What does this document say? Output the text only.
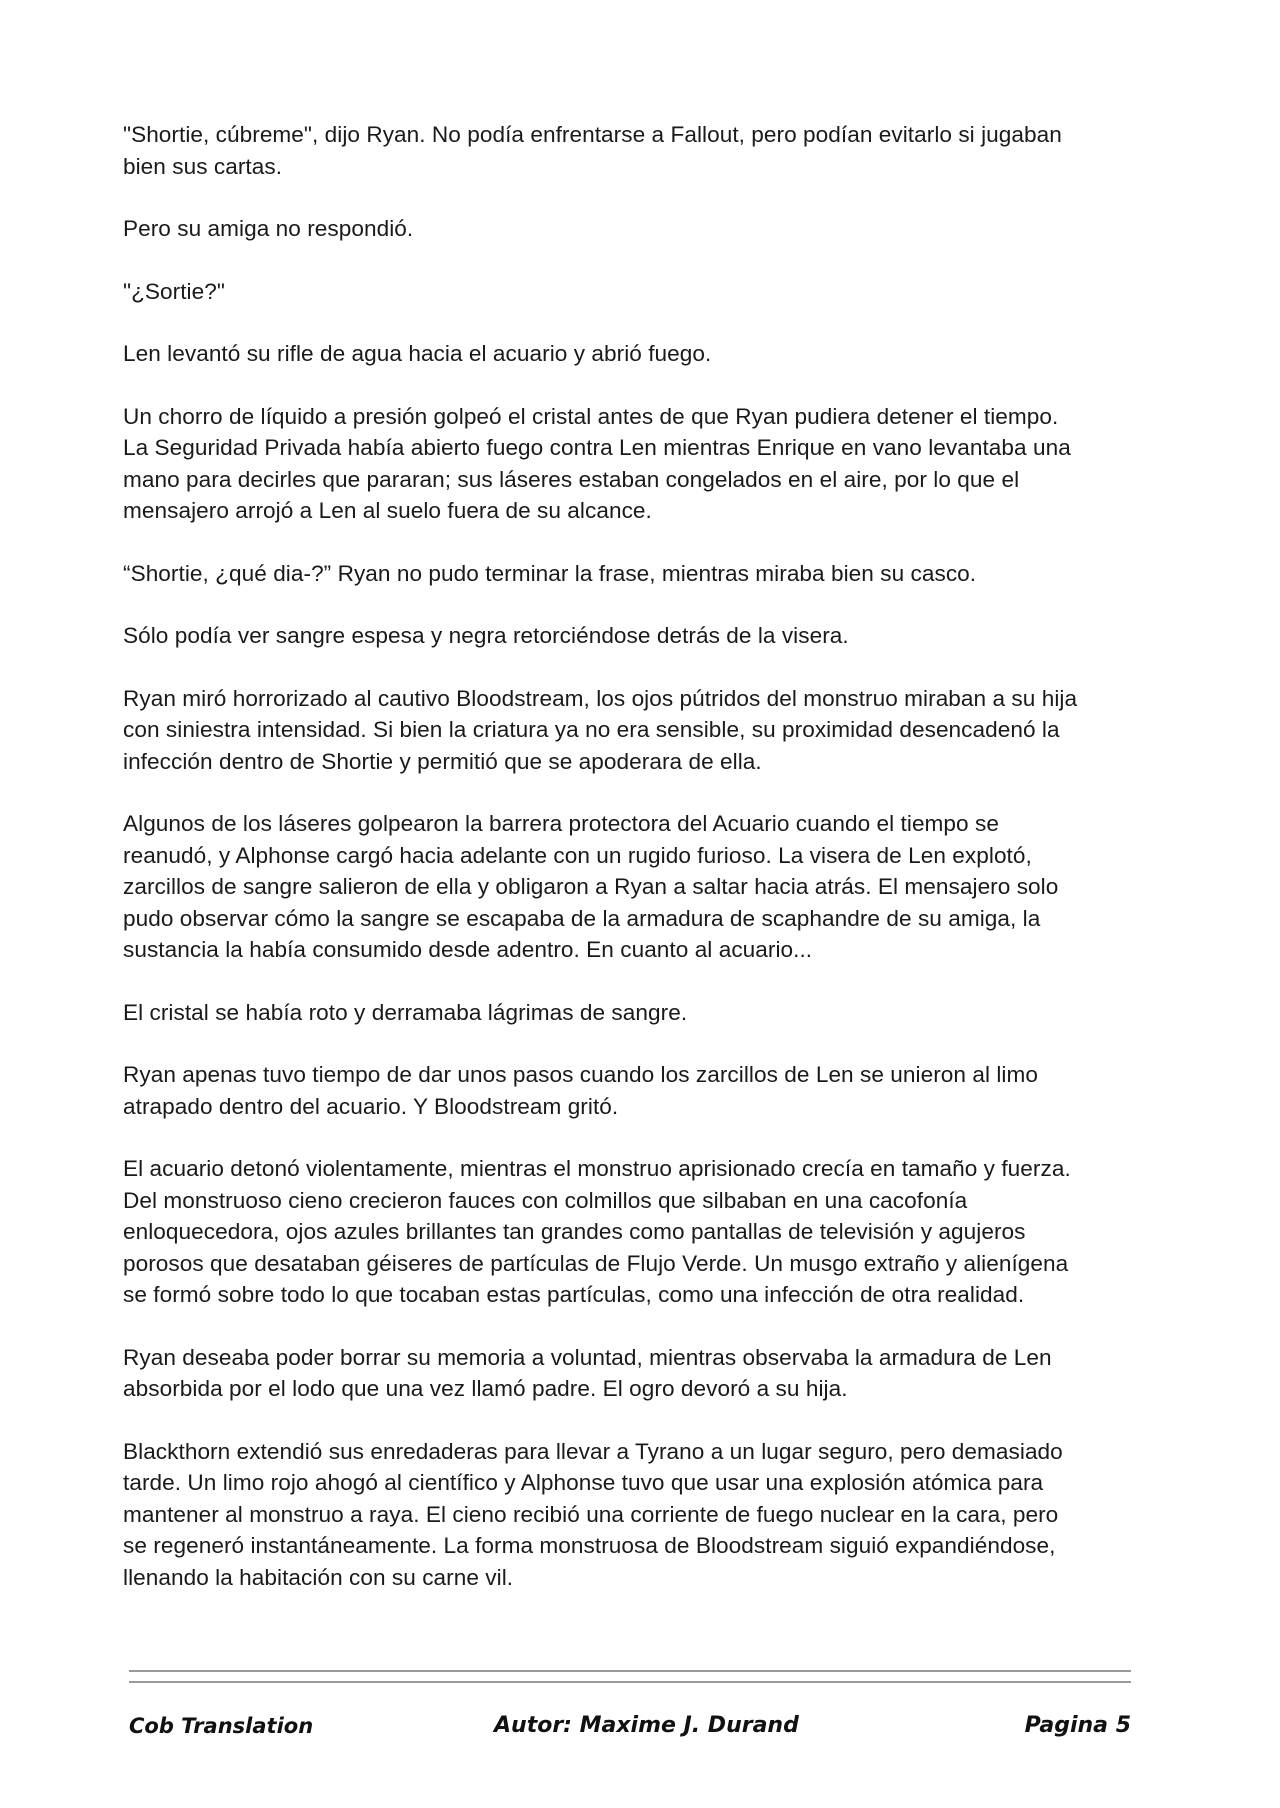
"Shortie, cúbreme", dijo Ryan. No podía enfrentarse a Fallout, pero podían evitarlo si jugaban
bien sus cartas.

Pero su amiga no respondió.

"¿Sortie?"

Len levantó su rifle de agua hacia el acuario y abrió fuego.

Un chorro de líquido a presión golpeó el cristal antes de que Ryan pudiera detener el tiempo.
La Seguridad Privada había abierto fuego contra Len mientras Enrique en vano levantaba una
mano para decirles que pararan; sus láseres estaban congelados en el aire, por lo que el
mensajero arrojó a Len al suelo fuera de su alcance.

“Shortie, ¿qué dia-?” Ryan no pudo terminar la frase, mientras miraba bien su casco.

Sólo podía ver sangre espesa y negra retorciéndose detrás de la visera.

Ryan miró horrorizado al cautivo Bloodstream, los ojos pútridos del monstruo miraban a su hija
con siniestra intensidad. Si bien la criatura ya no era sensible, su proximidad desencadenó la
infección dentro de Shortie y permitió que se apoderara de ella.

Algunos de los láseres golpearon la barrera protectora del Acuario cuando el tiempo se
reanudó, y Alphonse cargó hacia adelante con un rugido furioso. La visera de Len explotó,
zarcillos de sangre salieron de ella y obligaron a Ryan a saltar hacia atrás. El mensajero solo
pudo observar cómo la sangre se escapaba de la armadura de scaphandre de su amiga, la
sustancia la había consumido desde adentro. En cuanto al acuario...

El cristal se había roto y derramaba lágrimas de sangre.

Ryan apenas tuvo tiempo de dar unos pasos cuando los zarcillos de Len se unieron al limo
atrapado dentro del acuario. Y Bloodstream gritó.

El acuario detonó violentamente, mientras el monstruo aprisionado crecía en tamaño y fuerza.
Del monstruoso cieno crecieron fauces con colmillos que silbaban en una cacofonía
enloquecedora, ojos azules brillantes tan grandes como pantallas de televisión y agujeros
porosos que desataban géiseres de partículas de Flujo Verde. Un musgo extraño y alienígena
se formó sobre todo lo que tocaban estas partículas, como una infección de otra realidad.

Ryan deseaba poder borrar su memoria a voluntad, mientras observaba la armadura de Len
absorbida por el lodo que una vez llamó padre. El ogro devoró a su hija.

Blackthorn extendió sus enredaderas para llevar a Tyrano a un lugar seguro, pero demasiado
tarde. Un limo rojo ahogó al científico y Alphonse tuvo que usar una explosión atómica para
mantener al monstruo a raya. El cieno recibió una corriente de fuego nuclear en la cara, pero
se regeneró instantáneamente. La forma monstruosa de Bloodstream siguió expandiéndose,
llenando la habitación con su carne vil.

Cob Translation	Autor: Maxime J. Durand	Pagina 5
